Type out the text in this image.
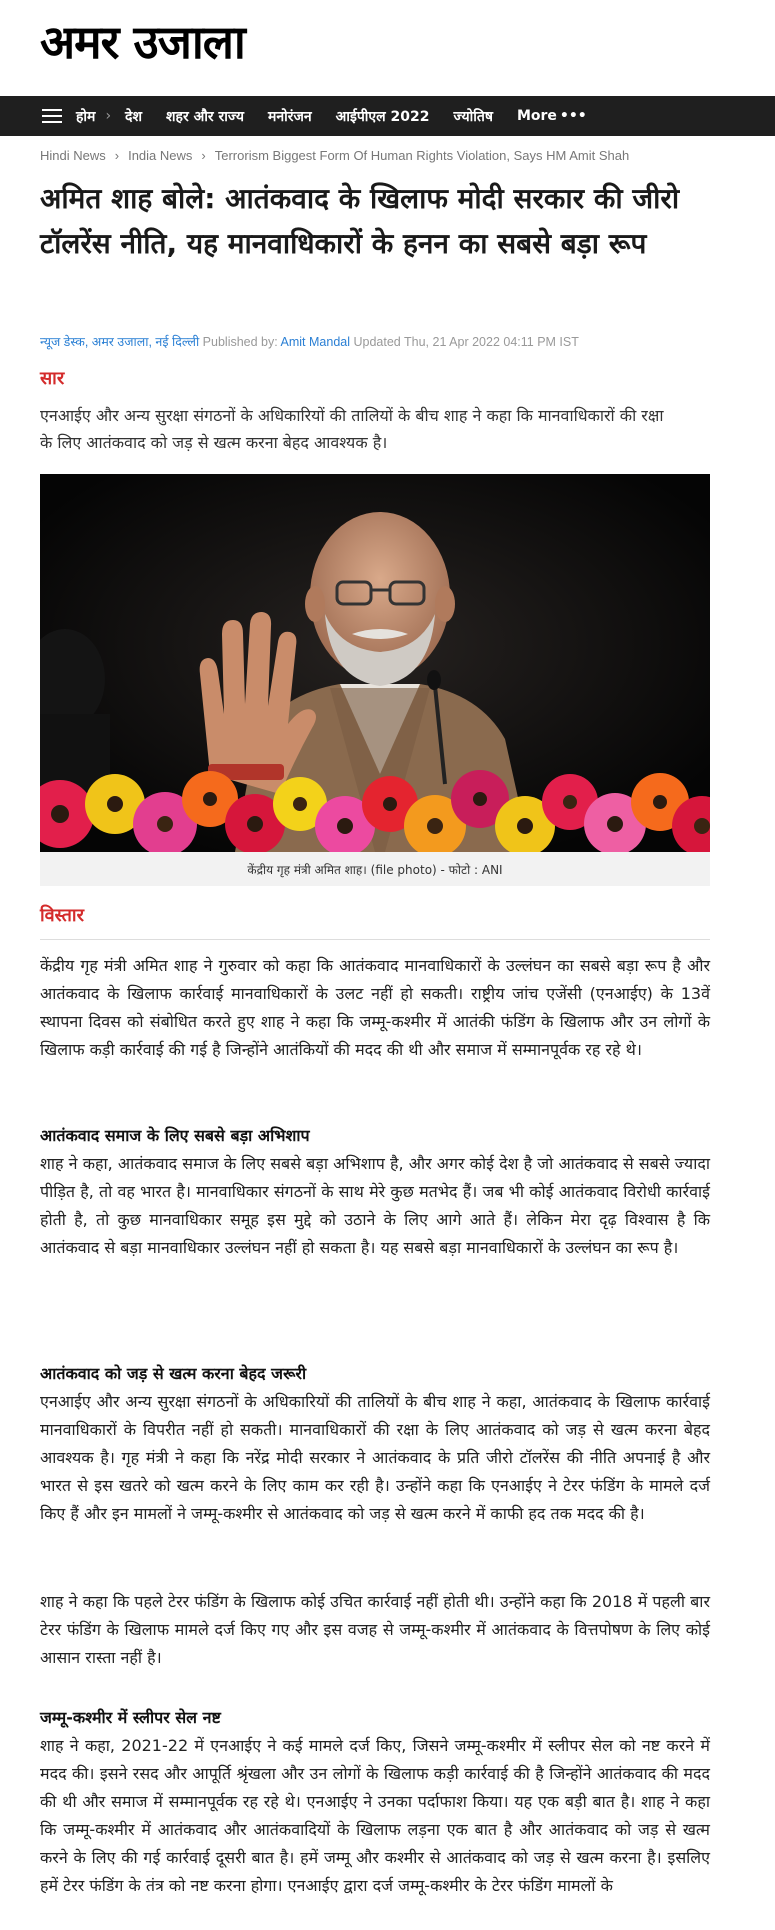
अमर उजाला
होम › देश शहर और राज्य मनोरंजन आईपीएल 2022 ज्योतिष More •••
Hindi News › India News › Terrorism Biggest Form Of Human Rights Violation, Says HM Amit Shah
अमित शाह बोले: आतंकवाद के खिलाफ मोदी सरकार की जीरो टॉलरेंस नीति, यह मानवाधिकारों के हनन का सबसे बड़ा रूप
न्यूज डेस्क, अमर उजाला, नई दिल्ली Published by: Amit Mandal Updated Thu, 21 Apr 2022 04:11 PM IST
सार

एनआईए और अन्य सुरक्षा संगठनों के अधिकारियों की तालियों के बीच शाह ने कहा कि मानवाधिकारों की रक्षा के लिए आतंकवाद को जड़ से खत्म करना बेहद आवश्यक है।

केंद्रीय गृह मंत्री अमित शाह। (file photo) - फोटो : ANI
विस्तार

केंद्रीय गृह मंत्री अमित शाह ने गुरुवार को कहा कि आतंकवाद मानवाधिकारों के उल्लंघन का सबसे बड़ा रूप है और आतंकवाद के खिलाफ कार्रवाई मानवाधिकारों के उलट नहीं हो सकती। राष्ट्रीय जांच एजेंसी (एनआईए) के 13वें स्थापना दिवस को संबोधित करते हुए शाह ने कहा कि जम्मू-कश्मीर में आतंकी फंडिंग के खिलाफ और उन लोगों के खिलाफ कड़ी कार्रवाई की गई है जिन्होंने आतंकियों की मदद की थी और समाज में सम्मानपूर्वक रह रहे थे।

आतंकवाद समाज के लिए सबसे बड़ा अभिशाप

शाह ने कहा, आतंकवाद समाज के लिए सबसे बड़ा अभिशाप है, और अगर कोई देश है जो आतंकवाद से सबसे ज्यादा पीड़ित है, तो वह भारत है। मानवाधिकार संगठनों के साथ मेरे कुछ मतभेद हैं। जब भी कोई आतंकवाद विरोधी कार्रवाई होती है, तो कुछ मानवाधिकार समूह इस मुद्दे को उठाने के लिए आगे आते हैं। लेकिन मेरा दृढ़ विश्वास है कि आतंकवाद से बड़ा मानवाधिकार उल्लंघन नहीं हो सकता है। यह सबसे बड़ा मानवाधिकारों के उल्लंघन का रूप है।

आतंकवाद को जड़ से खत्म करना बेहद जरूरी

एनआईए और अन्य सुरक्षा संगठनों के अधिकारियों की तालियों के बीच शाह ने कहा, आतंकवाद के खिलाफ कार्रवाई मानवाधिकारों के विपरीत नहीं हो सकती। मानवाधिकारों की रक्षा के लिए आतंकवाद को जड़ से खत्म करना बेहद आवश्यक है। गृह मंत्री ने कहा कि नरेंद्र मोदी सरकार ने आतंकवाद के प्रति जीरो टॉलरेंस की नीति अपनाई है और भारत से इस खतरे को खत्म करने के लिए काम कर रही है। उन्होंने कहा कि एनआईए ने टेरर फंडिंग के मामले दर्ज किए हैं और इन मामलों ने जम्मू-कश्मीर से आतंकवाद को जड़ से खत्म करने में काफी हद तक मदद की है।

शाह ने कहा कि पहले टेरर फंडिंग के खिलाफ कोई उचित कार्रवाई नहीं होती थी। उन्होंने कहा कि 2018 में पहली बार टेरर फंडिंग के खिलाफ मामले दर्ज किए गए और इस वजह से जम्मू-कश्मीर में आतंकवाद के वित्तपोषण के लिए कोई आसान रास्ता नहीं है।

जम्मू-कश्मीर में स्लीपर सेल नष्ट

शाह ने कहा, 2021-22 में एनआईए ने कई मामले दर्ज किए, जिसने जम्मू-कश्मीर में स्लीपर सेल को नष्ट करने में मदद की। इसने रसद और आपूर्ति श्रृंखला और उन लोगों के खिलाफ कड़ी कार्रवाई की है जिन्होंने आतंकवाद की मदद की थी और समाज में सम्मानपूर्वक रह रहे थे। एनआईए ने उनका पर्दाफाश किया। यह एक बड़ी बात है। शाह ने कहा कि जम्मू-कश्मीर में आतंकवाद और आतंकवादियों के खिलाफ लड़ना एक बात है और आतंकवाद को जड़ से खत्म करने के लिए की गई कार्रवाई दूसरी बात है। हमें जम्मू और कश्मीर से आतंकवाद को जड़ से खत्म करना है। इसलिए हमें टेरर फंडिंग के तंत्र को नष्ट करना होगा। एनआईए द्वारा दर्ज जम्मू-कश्मीर के टेरर फंडिंग मामलों के
